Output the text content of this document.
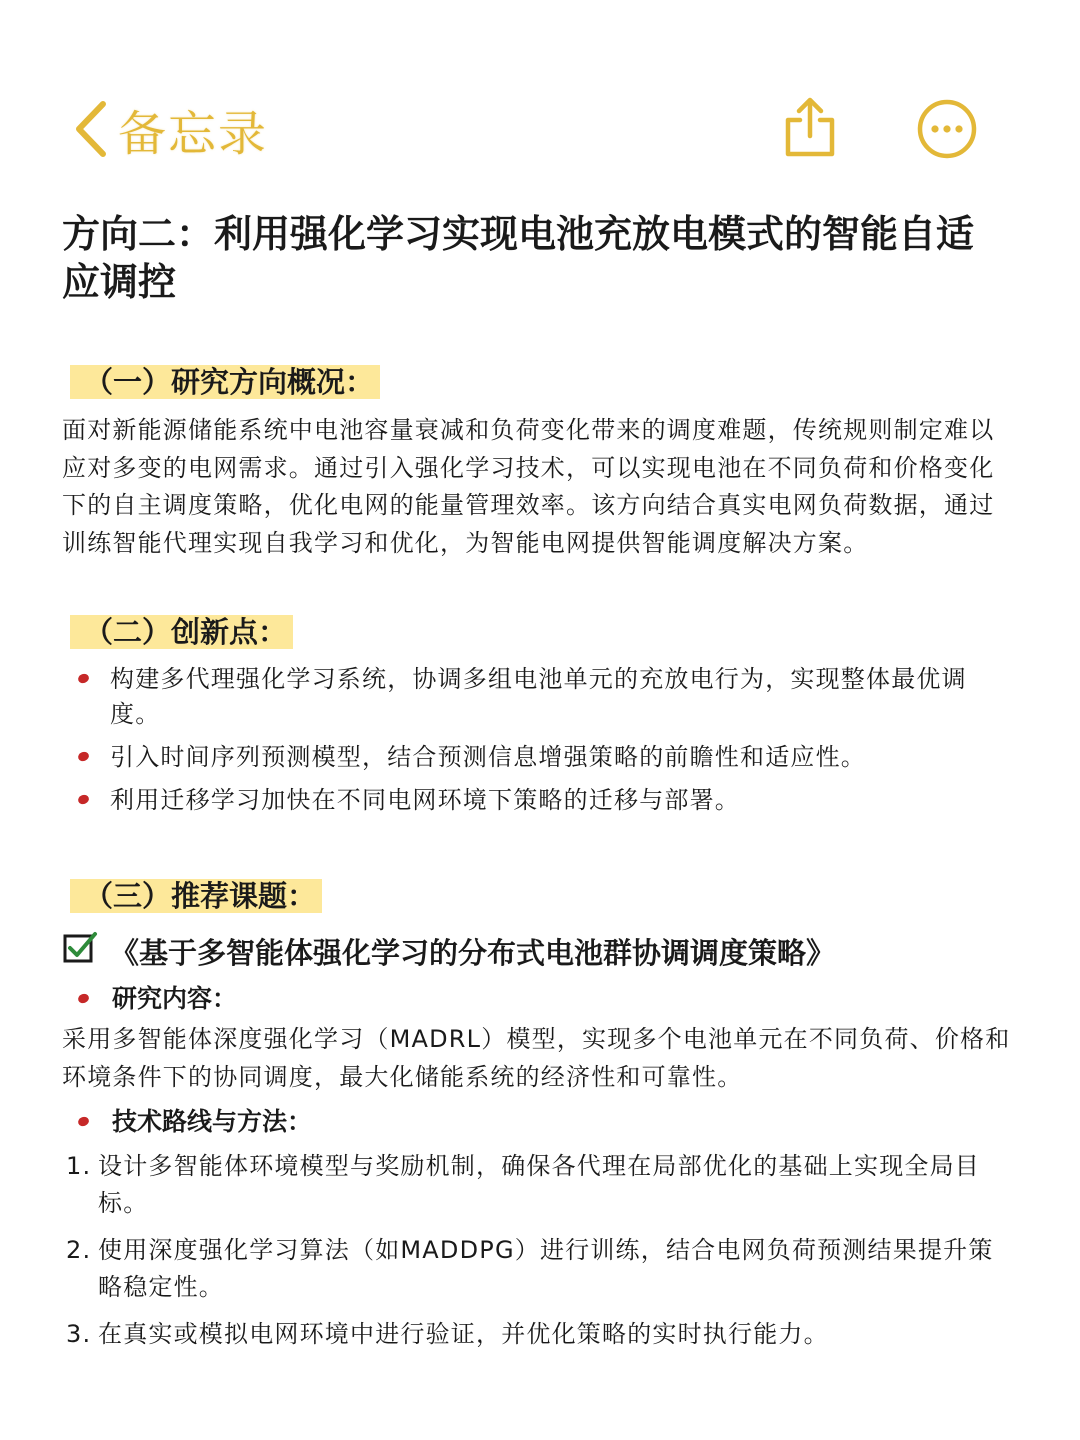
备忘录
方向二：利用强化学习实现电池充放电模式的智能自适应调控
（一）研究方向概况：

面对新能源储能系统中电池容量衰减和负荷变化带来的调度难题，传统规则制定难以应对多变的电网需求。通过引入强化学习技术，可以实现电池在不同负荷和价格变化下的自主调度策略，优化电网的能量管理效率。该方向结合真实电网负荷数据，通过训练智能代理实现自我学习和优化，为智能电网提供智能调度解决方案。

（二）创新点：
构建多代理强化学习系统，协调多组电池单元的充放电行为，实现整体最优调度。
引入时间序列预测模型，结合预测信息增强策略的前瞻性和适应性。
利用迁移学习加快在不同电网环境下策略的迁移与部署。
（三）推荐课题：
《基于多智能体强化学习的分布式电池群协调调度策略》
研究内容：

采用多智能体深度强化学习（MADRL）模型，实现多个电池单元在不同负荷、价格和环境条件下的协同调度，最大化储能系统的经济性和可靠性。

技术路线与方法：
1. 设计多智能体环境模型与奖励机制，确保各代理在局部优化的基础上实现全局目标。
2. 使用深度强化学习算法（如MADDPG）进行训练，结合电网负荷预测结果提升策略稳定性。
3. 在真实或模拟电网环境中进行验证，并优化策略的实时执行能力。
